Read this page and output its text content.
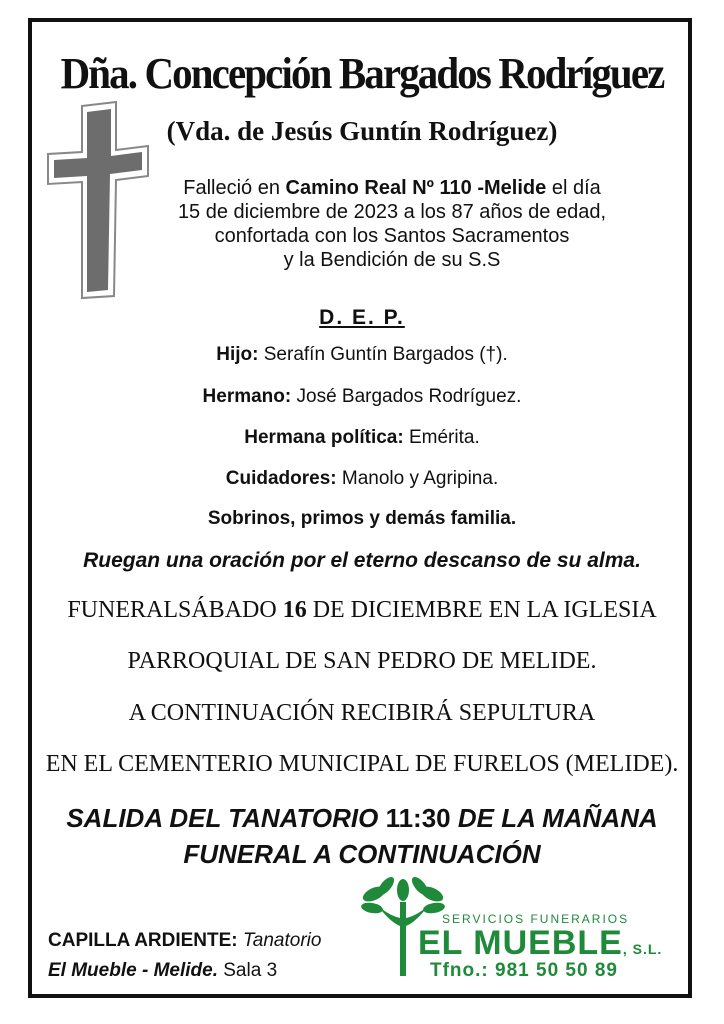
Dña. Concepción Bargados Rodríguez
(Vda. de Jesús Guntín Rodríguez)
Falleció en Camino Real Nº 110 -Melide el día
15 de diciembre de 2023 a los 87 años de edad,
confortada con los Santos Sacramentos
y la Bendición de su S.S
D. E. P.
Hijo: Serafín Guntín Bargados (†).
Hermano: José Bargados Rodríguez.
Hermana política: Emérita.
Cuidadores: Manolo y Agripina.
Sobrinos, primos y demás familia.
Ruegan una oración por el eterno descanso de su alma.
FUNERALSÁBADO 16 DE DICIEMBRE EN LA IGLESIA
PARROQUIAL DE SAN PEDRO DE MELIDE.
A CONTINUACIÓN RECIBIRÁ SEPULTURA
EN EL CEMENTERIO MUNICIPAL DE FURELOS (MELIDE).
SALIDA DEL TANATORIO 11:30 DE LA MAÑANA
FUNERAL A CONTINUACIÓN
CAPILLA ARDIENTE: Tanatorio
El Mueble - Melide. Sala 3
SERVICIOS FUNERARIOS
EL MUEBLE, S.L.
Tfno.: 981 50 50 89
